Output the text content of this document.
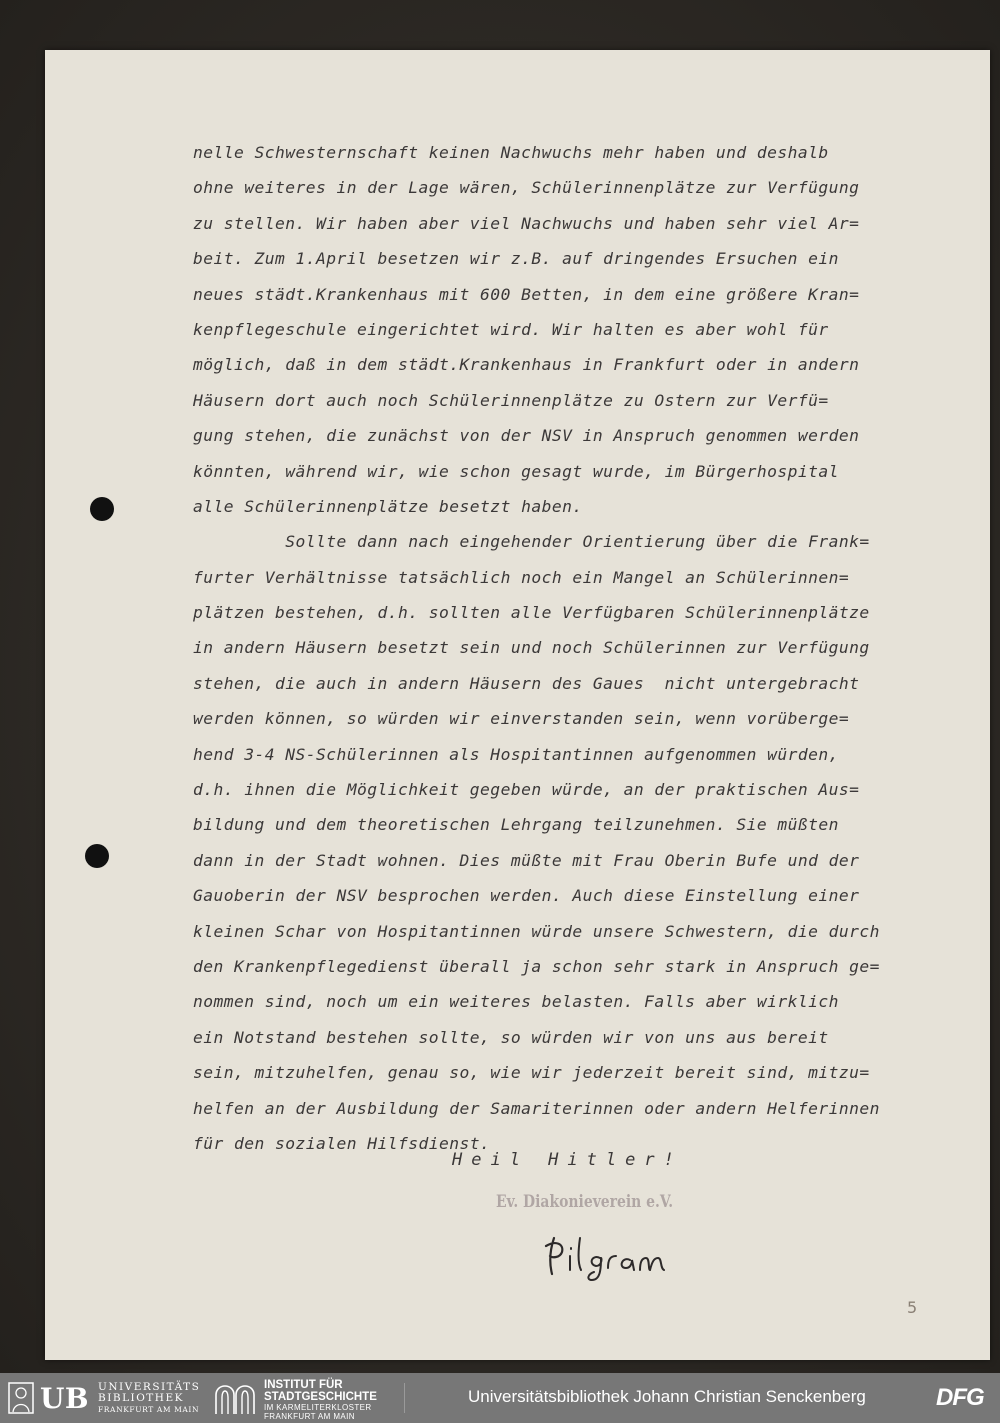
nelle Schwesternschaft keinen Nachwuchs mehr haben und deshalb
ohne weiteres in der Lage wären, Schülerinnenplätze zur Verfügung
zu stellen. Wir haben aber viel Nachwuchs und haben sehr viel Ar=
beit. Zum 1.April besetzen wir z.B. auf dringendes Ersuchen ein
neues städt.Krankenhaus mit 600 Betten, in dem eine größere Kran=
kenpflegeschule eingerichtet wird. Wir halten es aber wohl für
möglich, daß in dem städt.Krankenhaus in Frankfurt oder in andern
Häusern dort auch noch Schülerinnenplätze zu Ostern zur Verfü=
gung stehen, die zunächst von der NSV in Anspruch genommen werden
könnten, während wir, wie schon gesagt wurde, im Bürgerhospital
alle Schülerinnenplätze besetzt haben.
Sollte dann nach eingehender Orientierung über die Frank=
furter Verhältnisse tatsächlich noch ein Mangel an Schülerinnen=
plätzen bestehen, d.h. sollten alle Verfügbaren Schülerinnenplätze
in andern Häusern besetzt sein und noch Schülerinnen zur Verfügung
stehen, die auch in andern Häusern des Gaues  nicht untergebracht
werden können, so würden wir einverstanden sein, wenn vorüberge=
hend 3-4 NS-Schülerinnen als Hospitantinnen aufgenommen würden,
d.h. ihnen die Möglichkeit gegeben würde, an der praktischen Aus=
bildung und dem theoretischen Lehrgang teilzunehmen. Sie müßten
dann in der Stadt wohnen. Dies müßte mit Frau Oberin Bufe und der
Gauoberin der NSV besprochen werden. Auch diese Einstellung einer
kleinen Schar von Hospitantinnen würde unsere Schwestern, die durch
den Krankenpflegedienst überall ja schon sehr stark in Anspruch ge=
nommen sind, noch um ein weiteres belasten. Falls aber wirklich
ein Notstand bestehen sollte, so würden wir von uns aus bereit
sein, mitzuhelfen, genau so, wie wir jederzeit bereit sind, mitzu=
helfen an der Ausbildung der Samariterinnen oder andern Helferinnen
für den sozialen Hilfsdienst.
Heil Hitler!
Ev. Diakonieverein e.V.
5
UB UNIVERSITÄTS
BIBLIOTHEK
FRANKFURT AM MAIN
INSTITUT FÜR
STADTGESCHICHTE
IM KARMELITERKLOSTER
FRANKFURT AM MAIN
Universitätsbibliothek Johann Christian Senckenberg	DFG
